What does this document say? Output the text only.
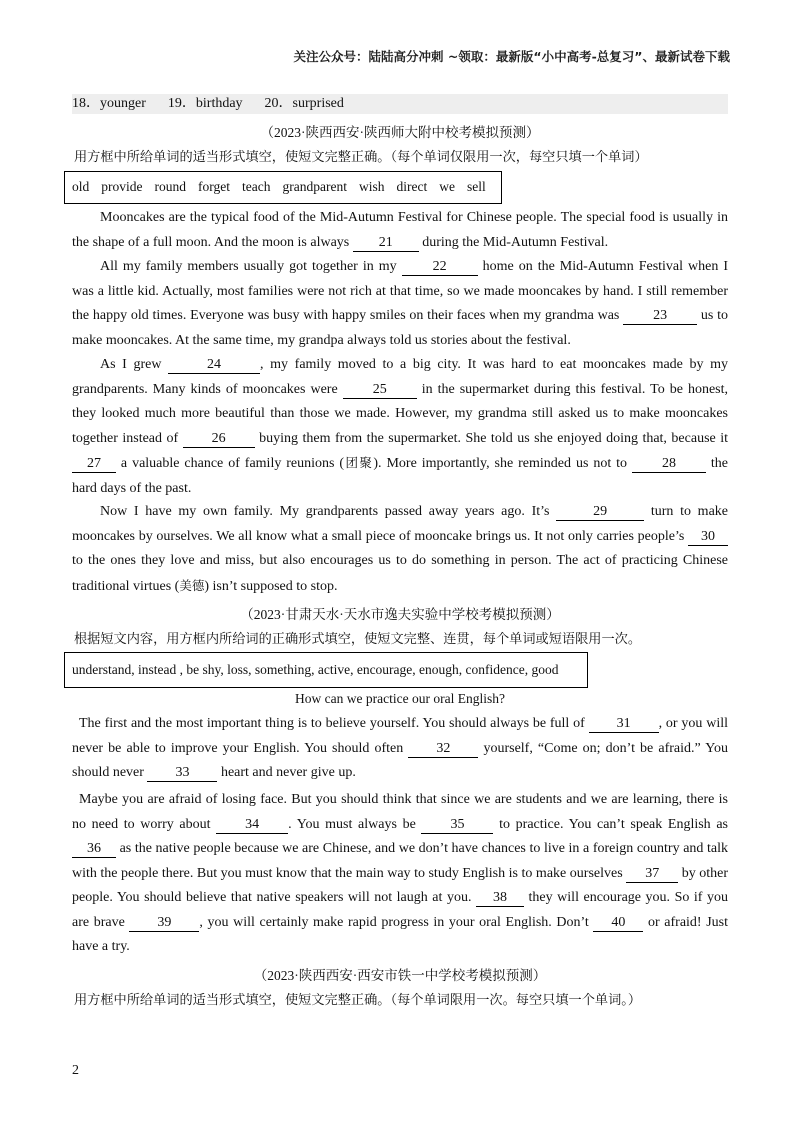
关注公众号：陆陆高分冲刺 ~领取：最新版“小中高考-总复习”、最新试卷下载
18．younger 19．birthday 20．surprised
（2023·陕西西安·陕西师大附中校考模拟预测）
用方框中所给单词的适当形式填空，使短文完整正确。（每个单词仅限用一次，每空只填一个单词）
old provide round forget teach grandparent wish direct we sell

Mooncakes are the typical food of the Mid-Autumn Festival for Chinese people. The special food is usually in the shape of a full moon. And the moon is always 21 during the Mid-Autumn Festival.

All my family members usually got together in my 22 home on the Mid-Autumn Festival when I was a little kid. Actually, most families were not rich at that time, so we made mooncakes by hand. I still remember the happy old times. Everyone was busy with happy smiles on their faces when my grandma was 23 us to make mooncakes. At the same time, my grandpa always told us stories about the festival.

As I grew	24	, my family moved to a big city. It was hard to eat mooncakes made by my grandparents. Many kinds of mooncakes were 25 in the supermarket during this festival. To be honest, they looked much more beautiful than those we made. However, my grandma still asked us to make mooncakes together instead of 26 buying them from the supermarket. She told us she enjoyed doing that, because it 27 a valuable chance of family reunions (团聚). More importantly, she reminded us not to 28 the hard days of the past.

Now I have my own family. My grandparents passed away years ago. It’s	29	turn to make mooncakes by ourselves. We all know what a small piece of mooncake brings us. It not only carries people’s 30 to the ones they love and miss, but also encourages us to do something in person. The act of practicing Chinese traditional virtues (美德) isn’t supposed to stop.

（2023·甘肃天水·天水市逸夫实验中学校考模拟预测）
根据短文内容，用方框内所给词的正确形式填空，使短文完整、连贯，每个单词或短语限用一次。
understand, instead , be shy, loss, something, active, encourage, enough, confidence, good
How can we practice our oral English?

The first and the most important thing is to believe yourself. You should always be full of 31 , or you will never be able to improve your English. You should often 32 yourself, “Come on; don’t be afraid.” You should never 33 heart and never give up.

Maybe you are afraid of losing face. But you should think that since we are students and we are learning, there is no need to worry about 34 . You must always be 35 to practice. You can’t speak English as 36 as the native people because we are Chinese, and we don’t have chances to live in a foreign country and talk with the people there. But you must know that the main way to study English is to make ourselves 37 by other people. You should believe that native speakers will not laugh at you. 38 they will encourage you. So if you are brave 39 , you will certainly make rapid progress in your oral English. Don’t 40 or afraid! Just have a try.

（2023·陕西西安·西安市铁一中学校考模拟预测）
用方框中所给单词的适当形式填空，使短文完整正确。（每个单词限用一次。每空只填一个单词。）
2
